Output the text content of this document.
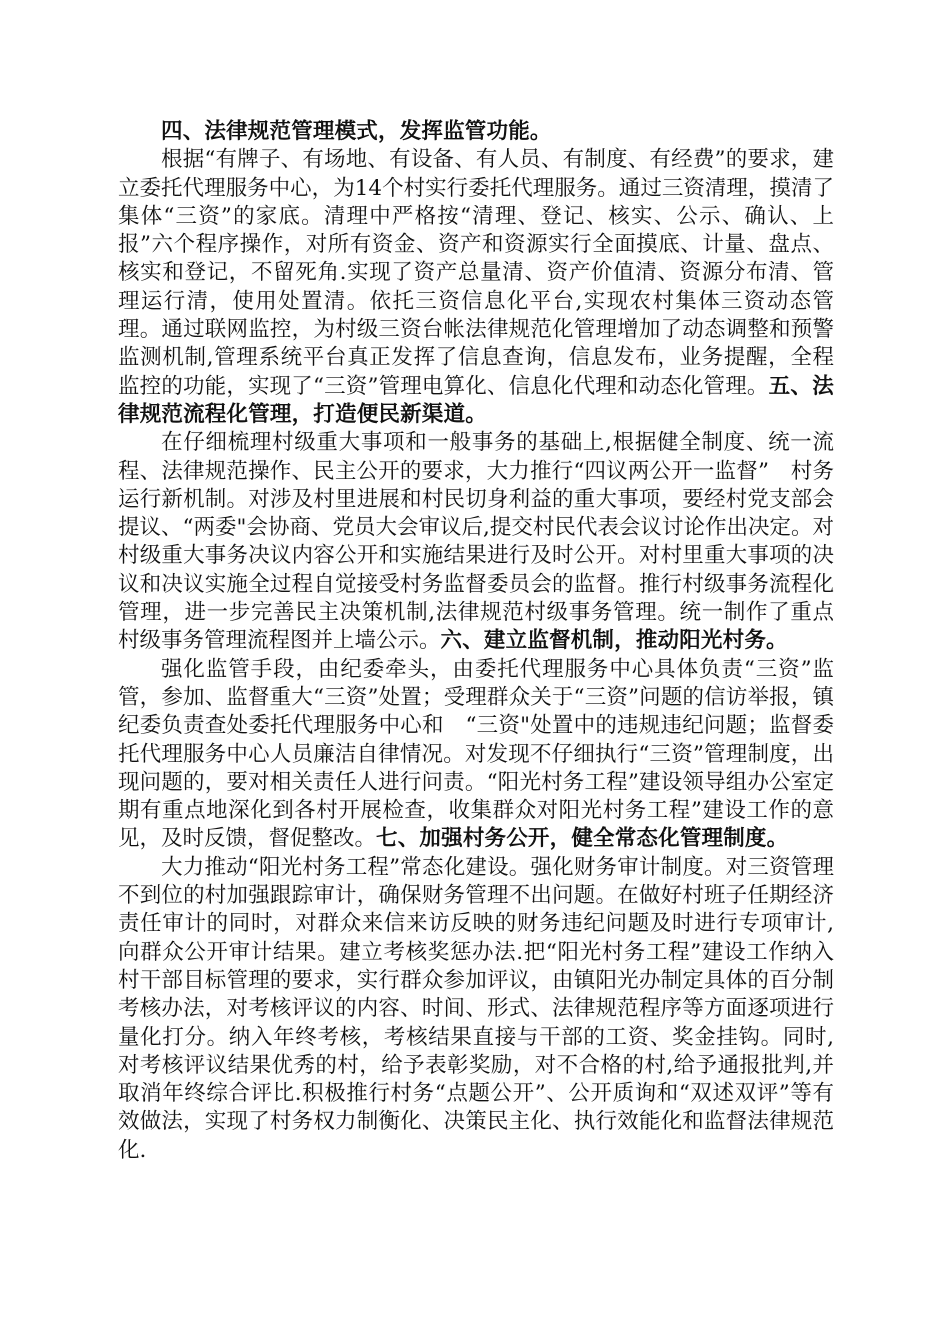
四、法律规范管理模式，发挥监管功能。

根据“有牌子、有场地、有设备、有人员、有制度、有经费”的要求，建立委托代理服务中心，为14个村实行委托代理服务。通过三资清理，摸清了集体“三资”的家底。清理中严格按“清理、登记、核实、公示、确认、上报”六个程序操作，对所有资金、资产和资源实行全面摸底、计量、盘点、核实和登记，不留死角.实现了资产总量清、资产价值清、资源分布清、管理运行清，使用处置清。依托三资信息化平台,实现农村集体三资动态管理。通过联网监控，为村级三资台帐法律规范化管理增加了动态调整和预警监测机制,管理系统平台真正发挥了信息查询，信息发布，业务提醒，全程监控的功能，实现了“三资”管理电算化、信息化代理和动态化管理。五、法律规范流程化管理，打造便民新渠道。

在仔细梳理村级重大事项和一般事务的基础上,根据健全制度、统一流程、法律规范操作、民主公开的要求，大力推行“四议两公开一监督”　村务运行新机制。对涉及村里进展和村民切身利益的重大事项，要经村党支部会提议、“两委"会协商、党员大会审议后,提交村民代表会议讨论作出决定。对村级重大事务决议内容公开和实施结果进行及时公开。对村里重大事项的决议和决议实施全过程自觉接受村务监督委员会的监督。推行村级事务流程化管理，进一步完善民主决策机制,法律规范村级事务管理。统一制作了重点村级事务管理流程图并上墙公示。六、建立监督机制，推动阳光村务。

强化监管手段，由纪委牵头，由委托代理服务中心具体负责“三资”监管，参加、监督重大“三资”处置；受理群众关于“三资”问题的信访举报，镇纪委负责查处委托代理服务中心和　“三资"处置中的违规违纪问题；监督委托代理服务中心人员廉洁自律情况。对发现不仔细执行“三资”管理制度，出现问题的，要对相关责任人进行问责。“阳光村务工程”建设领导组办公室定期有重点地深化到各村开展检查，收集群众对阳光村务工程”建设工作的意见，及时反馈，督促整改。七、加强村务公开，健全常态化管理制度。

大力推动“阳光村务工程”常态化建设。强化财务审计制度。对三资管理不到位的村加强跟踪审计，确保财务管理不出问题。在做好村班子任期经济责任审计的同时，对群众来信来访反映的财务违纪问题及时进行专项审计,向群众公开审计结果。建立考核奖惩办法.把“阳光村务工程”建设工作纳入村干部目标管理的要求，实行群众参加评议，由镇阳光办制定具体的百分制考核办法，对考核评议的内容、时间、形式、法律规范程序等方面逐项进行量化打分。纳入年终考核，考核结果直接与干部的工资、奖金挂钩。同时,对考核评议结果优秀的村，给予表彰奖励，对不合格的村,给予通报批判,并取消年终综合评比.积极推行村务“点题公开”、公开质询和“双述双评”等有效做法，实现了村务权力制衡化、决策民主化、执行效能化和监督法律规范化.
